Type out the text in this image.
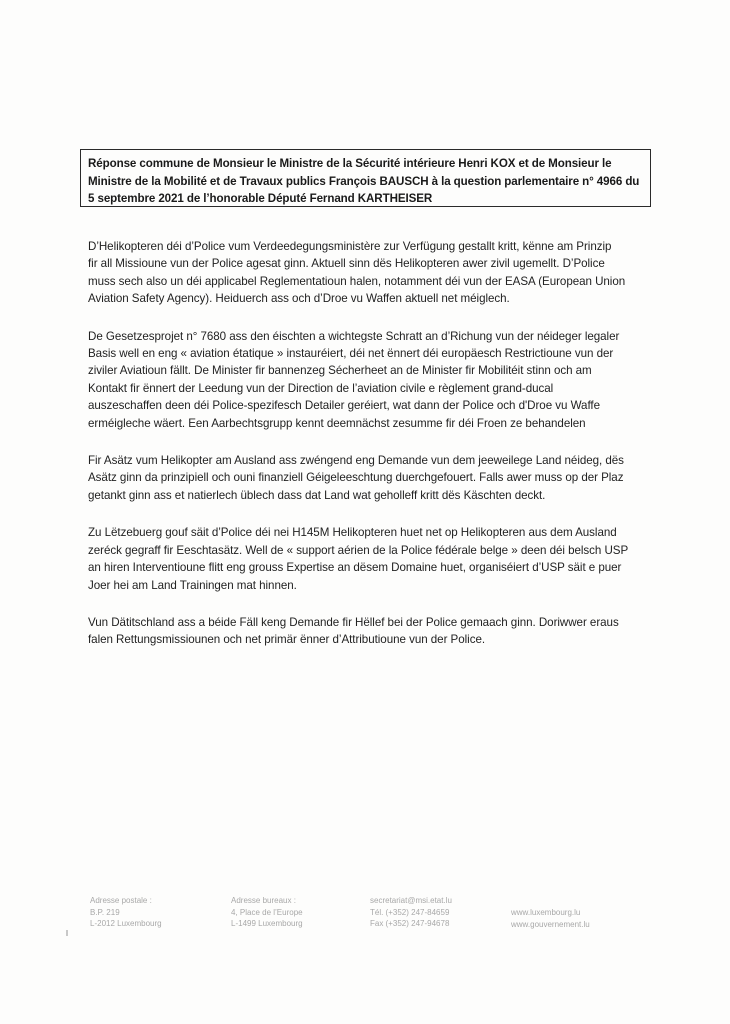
Réponse commune de Monsieur le Ministre de la Sécurité intérieure Henri KOX et de Monsieur le
Ministre de la Mobilité et de Travaux publics François BAUSCH à la question parlementaire n° 4966 du
5 septembre 2021 de l’honorable Député Fernand KARTHEISER
D’Helikopteren déi d’Police vum Verdeedegungsministère zur Verfügung gestallt kritt, kënne am Prinzip
fir all Missioune vun der Police agesat ginn. Aktuell sinn dës Helikopteren awer zivil ugemellt. D’Police
muss sech also un déi applicabel Reglementatioun halen, notamment déi vun der EASA (European Union
Aviation Safety Agency). Heiduerch ass och d’Droe vu Waffen aktuell net méiglech.
De Gesetzesprojet n° 7680 ass den éischten a wichtegste Schratt an d’Richung vun der néideger legaler
Basis well en eng « aviation étatique » instauréiert, déi net ënnert déi europäesch Restrictioune vun der
ziviler Aviatioun fällt. De Minister fir bannenzeg Sécherheet an de Minister fir Mobilitéit stinn och am
Kontakt fir ënnert der Leedung vun der Direction de l’aviation civile e règlement grand-ducal
auszeschaffen deen déi Police-spezifesch Detailer geréiert, wat dann der Police och d'Droe vu Waffe
erméigleche wäert. Een Aarbechtsgrupp kennt deemnächst zesumme fir déi Froen ze behandelen
Fir Asätz vum Helikopter am Ausland ass zwéngend eng Demande vun dem jeeweilege Land néideg, dës
Asätz ginn da prinzipiell och ouni finanziell Géigeleeschtung duerchgefouert. Falls awer muss op der Plaz
getankt ginn ass et natierlech üblech dass dat Land wat geholleff kritt dës Käschten deckt.
Zu Lëtzebuerg gouf säit d’Police déi nei H145M Helikopteren huet net op Helikopteren aus dem Ausland
zeréck gegraff fir Eeschtasätz. Well de « support aérien de la Police fédérale belge » deen déi belsch USP
an hiren Interventioune flitt eng grouss Expertise an dësem Domaine huet, organiséiert d’USP säit e puer
Joer hei am Land Trainingen mat hinnen.
Vun Dätitschland ass a béide Fäll keng Demande fir Hëllef bei der Police gemaach ginn. Doriwwer eraus
falen Rettungsmissiounen och net primär ënner d’Attributioune vun der Police.
Adresse postale :
B.P. 219
L-2012 Luxembourg
Adresse bureaux :
4, Place de l’Europe
L-1499 Luxembourg
secretariat@msi.etat.lu
Tél. (+352) 247-84659
Fax (+352) 247-94678
www.luxembourg.lu
www.gouvernement.lu
